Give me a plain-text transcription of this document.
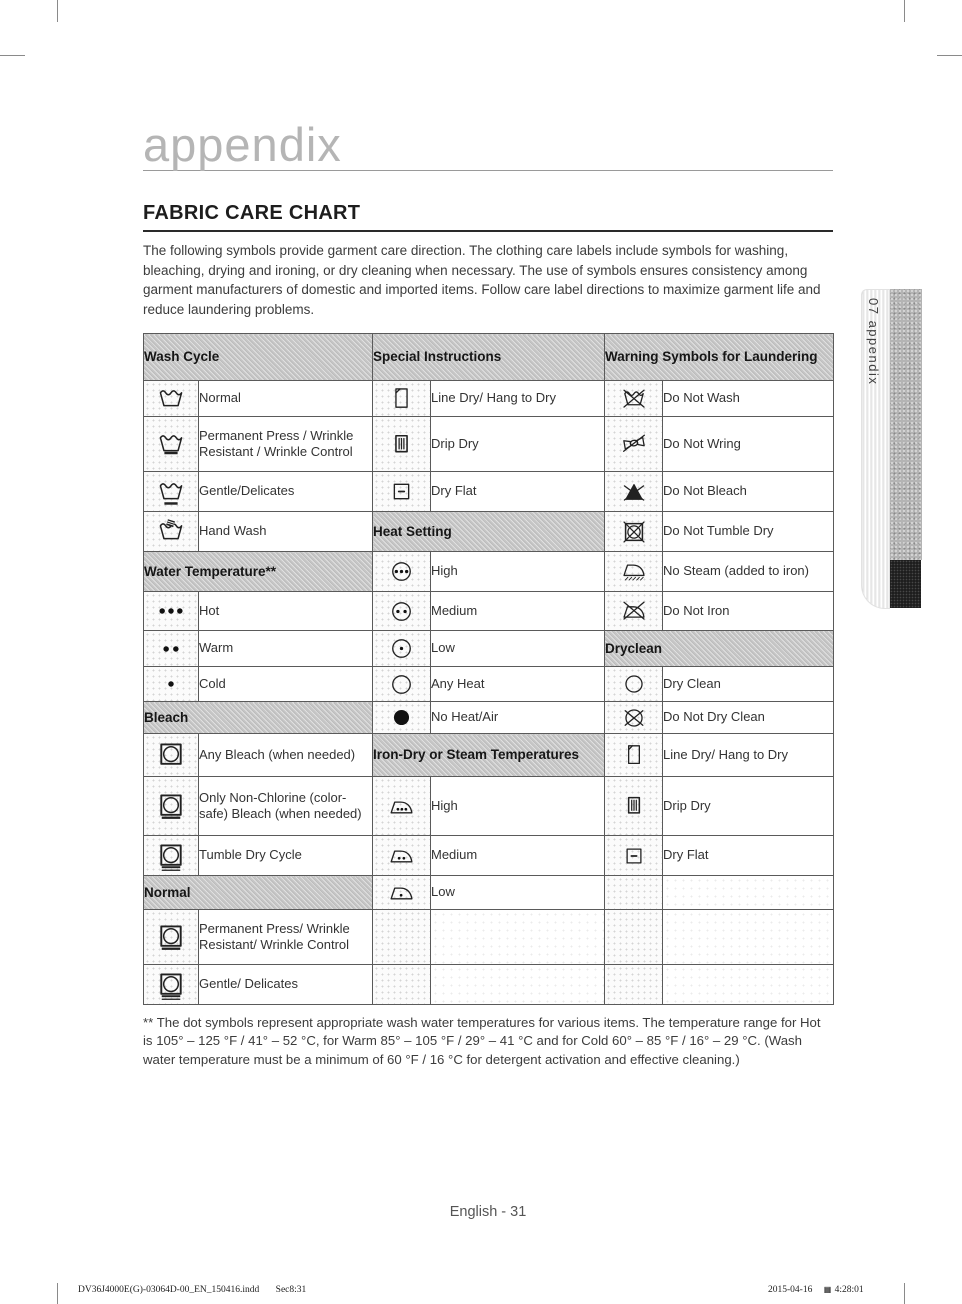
appendix
FABRIC CARE CHART

The following symbols provide garment care direction. The clothing care labels include symbols for washing, bleaching, drying and ironing, or dry cleaning when necessary. The use of symbols ensures consistency among garment manufacturers of domestic and imported items. Follow care label directions to maximize garment life and reduce laundering problems.

Wash Cycle		Special Instructions		Warning Symbols for Laundering	
	Normal		Line Dry/ Hang to Dry		Do Not Wash
	Permanent Press / Wrinkle Resistant / Wrinkle Control		Drip Dry		Do Not Wring
	Gentle/Delicates		Dry Flat		Do Not Bleach
	Hand Wash	Heat Setting			Do Not Tumble Dry
Water Temperature**			High		No Steam (added to iron)
	Hot		Medium		Do Not Iron
	Warm		Low	Dryclean	
	Cold		Any Heat		Dry Clean
Bleach			No Heat/Air		Do Not Dry Clean
	Any Bleach (when needed)	Iron-Dry or Steam Temperatures			Line Dry/ Hang to Dry
	Only Non-Chlorine (color-safe) Bleach (when needed)		High		Drip Dry
	Tumble Dry Cycle		Medium		Dry Flat
Normal			Low		
	Permanent Press/ Wrinkle Resistant/ Wrinkle Control				
	Gentle/ Delicates				

** The dot symbols represent appropriate wash water temperatures for various items. The temperature range for Hot is 105° – 125 °F / 41° – 52 °C, for Warm 85° – 105 °F / 29° – 41 °C and for Cold 60° – 85 °F / 16° – 29 °C. (Wash water temperature must be a minimum of 60 °F / 16 °C for detergent activation and effective cleaning.)

English - 31
07 appendix
DV36J4000E(G)-03064D-00_EN_150416.indd Sec8:31	2015-04-16 ▦ 4:28:01
